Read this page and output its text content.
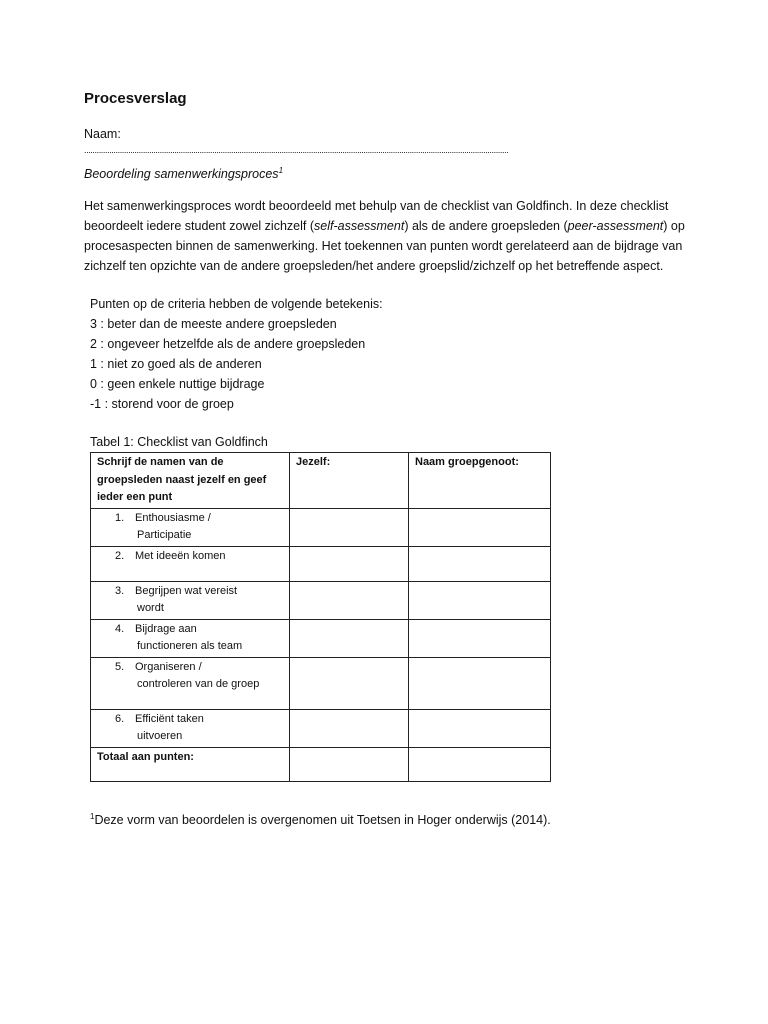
Procesverslag
Naam:
..........................................................................................................................................................................................................
Beoordeling samenwerkingsproces$^1$
Het samenwerkingsproces wordt beoordeeld met behulp van de checklist van Goldfinch. In deze checklist beoordeelt iedere student zowel zichzelf (self-assessment) als de andere groepsleden (peer-assessment) op procesaspecten binnen de samenwerking. Het toekennen van punten wordt gerelateerd aan de bijdrage van zichzelf ten opzichte van de andere groepsleden/het andere groepslid/zichzelf op het betreffende aspect.
Punten op de criteria hebben de volgende betekenis:
3 : beter dan de meeste andere groepsleden
2 : ongeveer hetzelfde als de andere groepsleden
1 : niet zo goed als de anderen
0 : geen enkele nuttige bijdrage
-1 : storend voor de groep
Tabel 1: Checklist van Goldfinch
Schrijf de namen van de groepsleden naast jezelf en geef ieder een punt	Jezelf:	Naam groepgenoot:
1. Enthousiasme /
Participatie		

2. Met ideeën komen		
3. Begrijpen wat vereist
wordt		

4. Bijdrage aan
functioneren als team		

5. Organiseren /
controleren van de groep		

6. Efficiënt taken
uitvoeren		

Totaal aan punten:		
$^1$Deze vorm van beoordelen is overgenomen uit Toetsen in Hoger onderwijs (2014).
